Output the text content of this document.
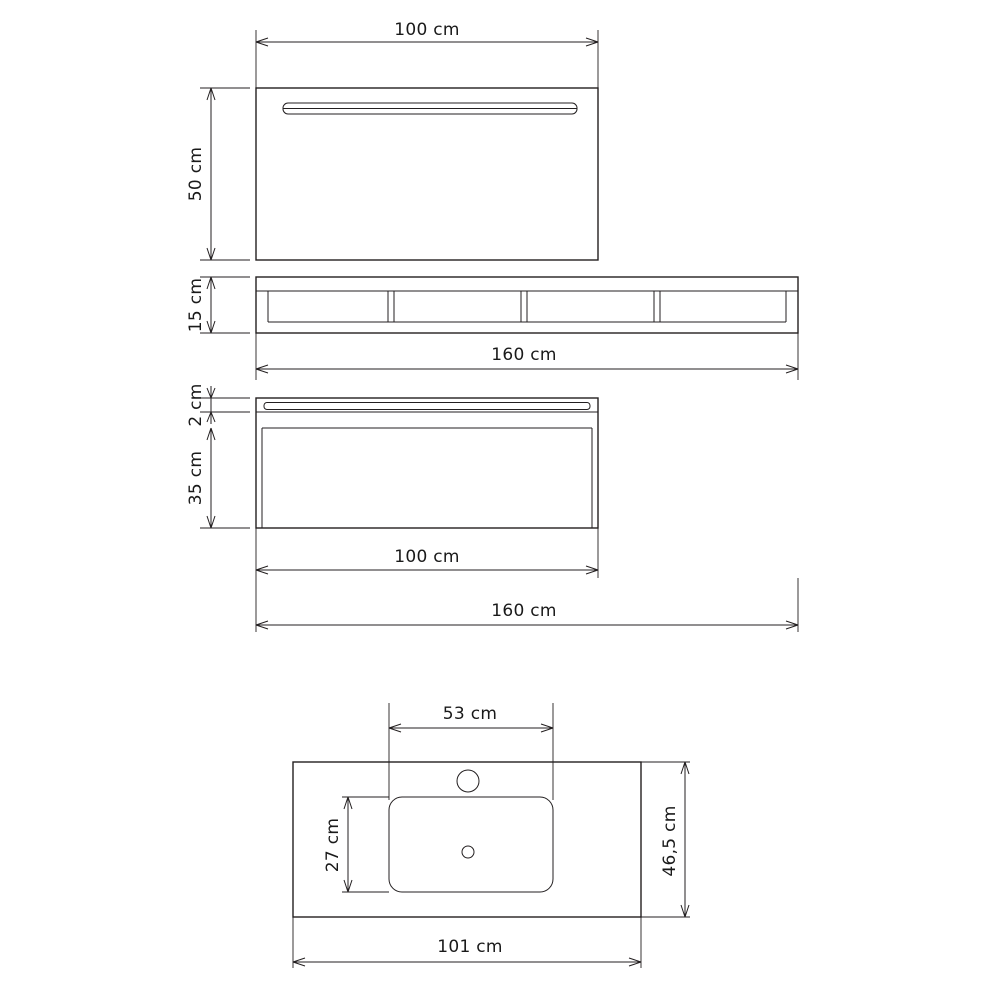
100 cm
50 cm
15 cm
160 cm
2 cm
35 cm
100 cm
160 cm
53 cm
27 cm	46,5 cm
101 cm
